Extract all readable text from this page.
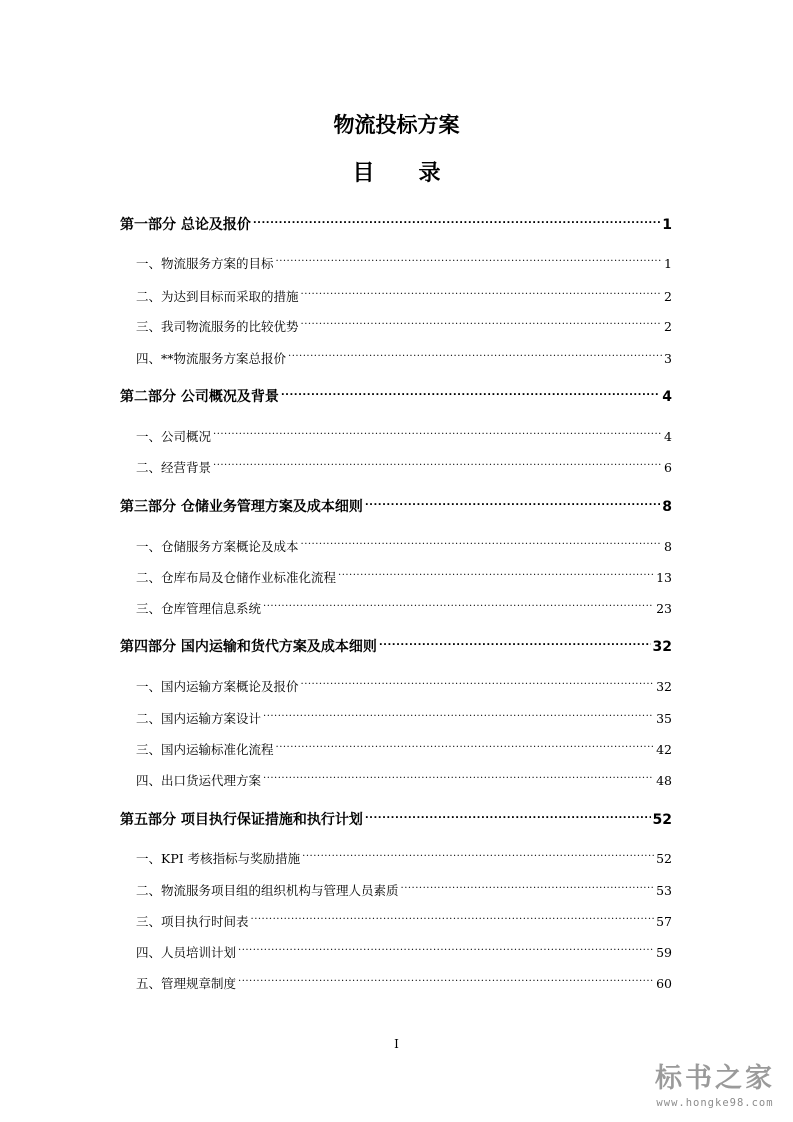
物流投标方案
目　　录
第一部分 总论及报价 .....	1
一、物流服务方案的目标 .....	1
二、为达到目标而采取的措施 .....	2
三、我司物流服务的比较优势 .....	2
四、**物流服务方案总报价 .....	3
第二部分 公司概况及背景 .....	4
一、公司概况 .....	4
二、经营背景 .....	6
第三部分 仓储业务管理方案及成本细则 .....	8
一、仓储服务方案概论及成本 .....	8
二、仓库布局及仓储作业标准化流程 .....	13
三、仓库管理信息系统 .....	23
第四部分 国内运输和货代方案及成本细则 .....	32
一、国内运输方案概论及报价 .....	32
二、国内运输方案设计 .....	35
三、国内运输标准化流程 .....	42
四、出口货运代理方案 .....	48
第五部分 项目执行保证措施和执行计划 .....	52
一、KPI 考核指标与奖励措施 .....	52
二、物流服务项目组的组织机构与管理人员素质 .....	53
三、项目执行时间表 .....	57
四、人员培训计划 .....	59
五、管理规章制度 .....	60
I
标书之家
www.hongke98.com
